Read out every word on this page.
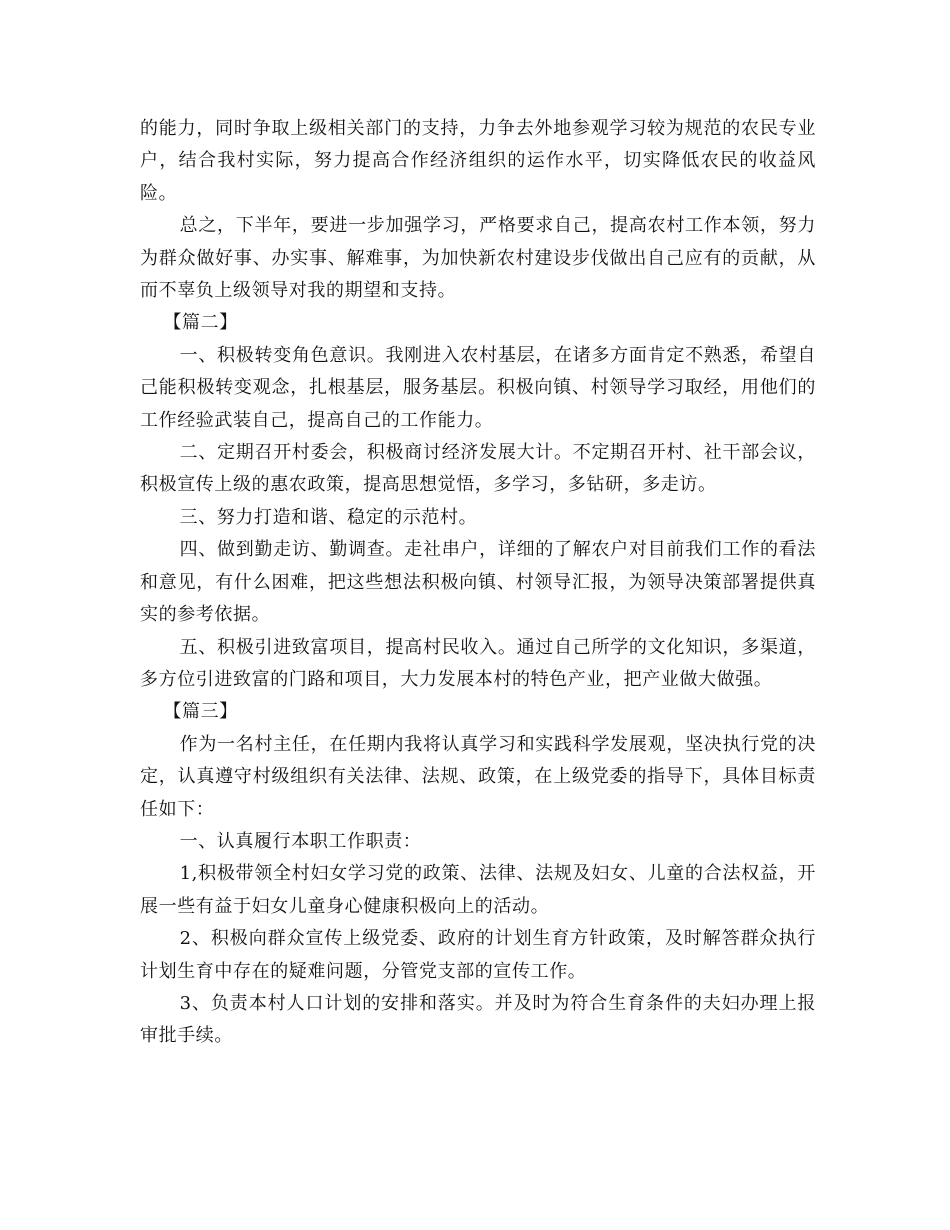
的能力，同时争取上级相关部门的支持，力争去外地参观学习较为规范的农民专业户，结合我村实际，努力提高合作经济组织的运作水平，切实降低农民的收益风险。

总之，下半年，要进一步加强学习，严格要求自己，提高农村工作本领，努力为群众做好事、办实事、解难事，为加快新农村建设步伐做出自己应有的贡献，从而不辜负上级领导对我的期望和支持。

【篇二】

一、积极转变角色意识。我刚进入农村基层，在诸多方面肯定不熟悉，希望自己能积极转变观念，扎根基层，服务基层。积极向镇、村领导学习取经，用他们的工作经验武装自己，提高自己的工作能力。

二、定期召开村委会，积极商讨经济发展大计。不定期召开村、社干部会议，积极宣传上级的惠农政策，提高思想觉悟，多学习，多钻研，多走访。

三、努力打造和谐、稳定的示范村。

四、做到勤走访、勤调查。走社串户，详细的了解农户对目前我们工作的看法和意见，有什么困难，把这些想法积极向镇、村领导汇报，为领导决策部署提供真实的参考依据。

五、积极引进致富项目，提高村民收入。通过自己所学的文化知识，多渠道，多方位引进致富的门路和项目，大力发展本村的特色产业，把产业做大做强。

【篇三】

作为一名村主任，在任期内我将认真学习和实践科学发展观，坚决执行党的决定，认真遵守村级组织有关法律、法规、政策，在上级党委的指导下，具体目标责任如下：

一、认真履行本职工作职责：

1,积极带领全村妇女学习党的政策、法律、法规及妇女、儿童的合法权益，开展一些有益于妇女儿童身心健康积极向上的活动。

2、积极向群众宣传上级党委、政府的计划生育方针政策，及时解答群众执行计划生育中存在的疑难问题，分管党支部的宣传工作。

3、负责本村人口计划的安排和落实。并及时为符合生育条件的夫妇办理上报审批手续。
